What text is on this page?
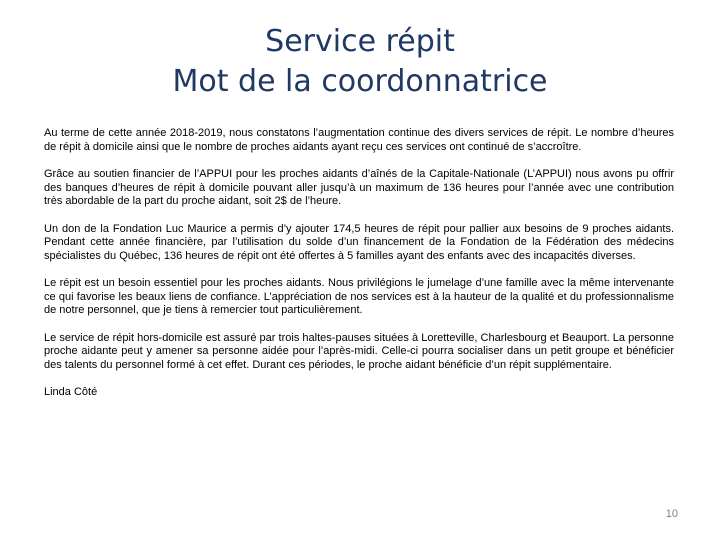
Service répit
Mot de la coordonnatrice

Au terme de cette année 2018-2019, nous constatons l’augmentation continue des divers services de répit. Le nombre d’heures de répit à domicile ainsi que le nombre de proches aidants ayant reçu ces services ont continué de s’accroître.

Grâce au soutien financier de l’APPUI pour les proches aidants d’aînés de la Capitale-Nationale (L’APPUI) nous avons pu offrir des banques d’heures de répit à domicile pouvant aller jusqu’à un maximum de 136 heures pour l’année avec une contribution très abordable de la part du proche aidant, soit 2$ de l’heure.

Un don de la Fondation Luc Maurice a permis d’y ajouter 174,5 heures de répit pour pallier aux besoins de 9 proches aidants. Pendant cette année financière, par l’utilisation du solde d’un financement de la Fondation de la Fédération des médecins spécialistes du Québec, 136 heures de répit ont été offertes à 5 familles ayant des enfants avec des incapacités diverses.

Le répit est un besoin essentiel pour les proches aidants. Nous privilégions le jumelage d’une famille avec la même intervenante ce qui favorise les beaux liens de confiance. L’appréciation de nos services est à la hauteur de la qualité et du professionnalisme de notre personnel, que je tiens à remercier tout particulièrement.

Le service de répit hors-domicile est assuré par trois haltes-pauses situées à Loretteville, Charlesbourg et Beauport. La personne proche aidante peut y amener sa personne aidée pour l’après-midi. Celle-ci pourra socialiser dans un petit groupe et bénéficier des talents du personnel formé à cet effet. Durant ces périodes, le proche aidant bénéficie d’un répit supplémentaire.

Linda Côté

10
